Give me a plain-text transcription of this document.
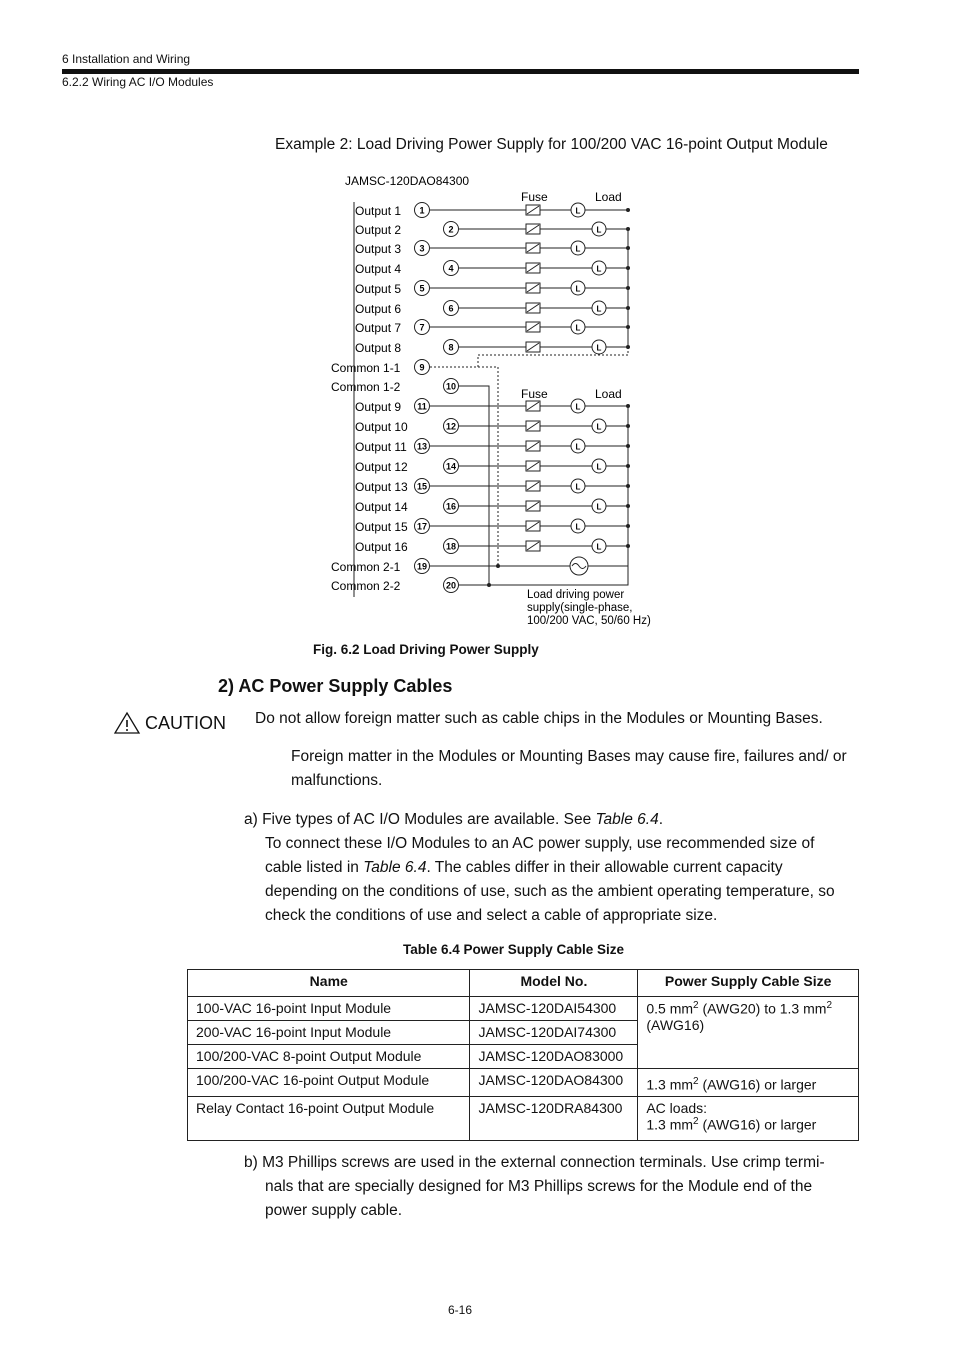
6 Installation and Wiring
6.2.2 Wiring AC I/O Modules
Example 2: Load Driving Power Supply for 100/200 VAC 16-point Output Module
JAMSC-120DAO84300
Fuse	Load
Fuse	Load
Output 1 1	L
Output 2	2	L
Output 3 3	L
Output 4	4	L
Output 5 5	L
Output 6	6	L
Output 7 7	L
Output 8	8	L
Common 1-1 9
Common 1-2	10
Output 9 11	L
Output 10	12	L
Output 11 13	L
Output 12	14	L
Output 13 15	L
Output 14	16	L
Output 15 17	L
Output 16	18	L
Common 2-1 19
Common 2-2	20
Load driving power
supply(single-phase,
100/200 VAC, 50/60 Hz)
Fig. 6.2 Load Driving Power Supply
2) AC Power Supply Cables
CAUTION Do not allow foreign matter such as cable chips in the Modules or Mounting Bases.
Foreign matter in the Modules or Mounting Bases may cause fire, failures and/ or malfunctions.
a) Five types of AC I/O Modules are available. See Table 6.4.
To connect these I/O Modules to an AC power supply, use recommended size of
cable listed in Table 6.4. The cables differ in their allowable current capacity
depending on the conditions of use, such as the ambient operating temperature, so
check the conditions of use and select a cable of appropriate size.
Table 6.4 Power Supply Cable Size
Name	Model No.	Power Supply Cable Size
100-VAC 16-point Input Module	JAMSC-120DAI54300	0.5 $mm^2$ (AWG20) to 1.3 $mm^2$
(AWG16)
200-VAC 16-point Input Module	JAMSC-120DAI74300	
100/200-VAC 8-point Output Module	JAMSC-120DAO83000	
100/200-VAC 16-point Output Module	JAMSC-120DAO84300	1.3 $mm^2$ (AWG16) or larger
Relay Contact 16-point Output Module	JAMSC-120DRA84300	AC loads:
1.3 $mm^2$ (AWG16) or larger
b) M3 Phillips screws are used in the external connection terminals. Use crimp termi-
nals that are specially designed for M3 Phillips screws for the Module end of the
power supply cable.
6-16
